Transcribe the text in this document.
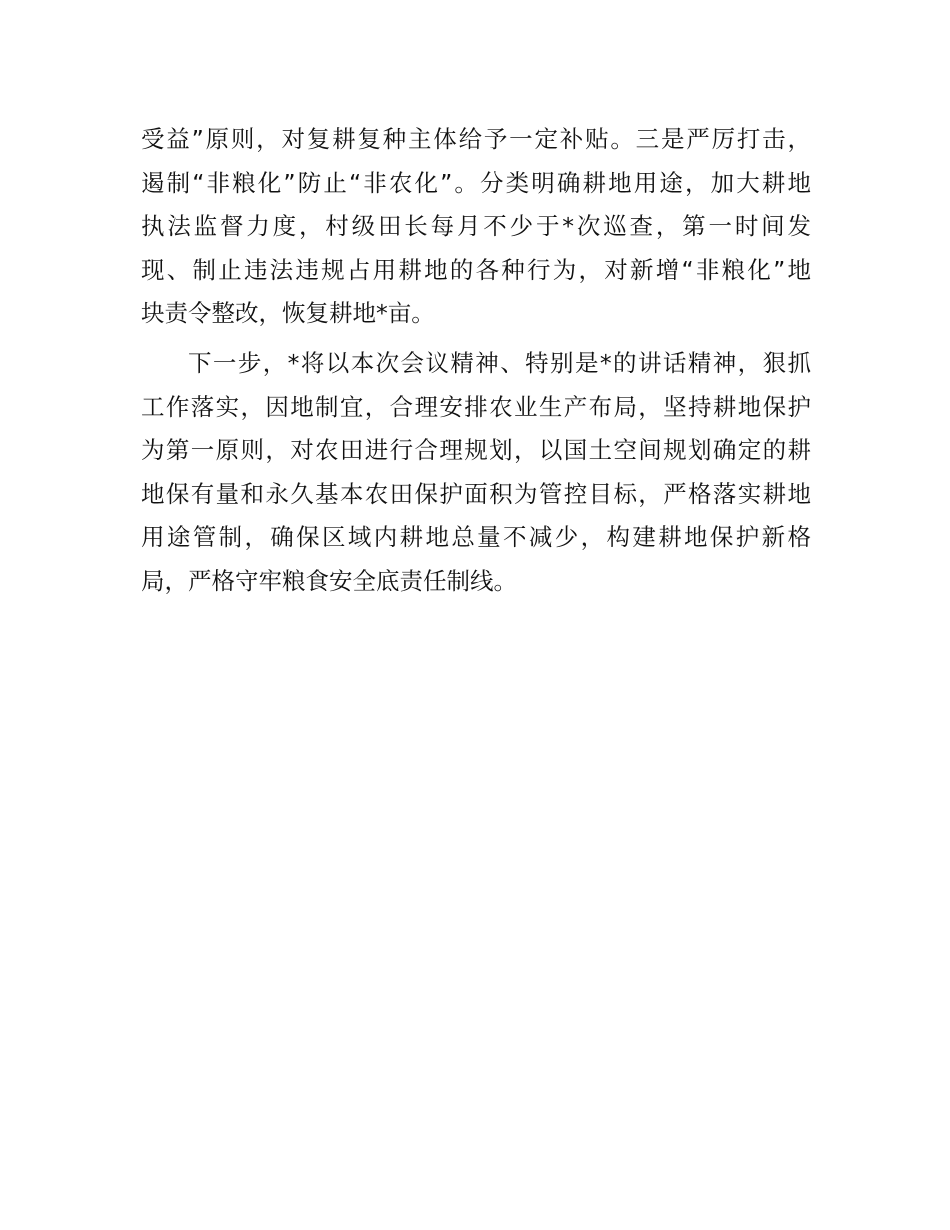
受益”原则，对复耕复种主体给予一定补贴。三是严厉打击，
遏制“非粮化”防止“非农化”。分类明确耕地用途，加大耕地
执法监督力度，村级田长每月不少于*次巡查，第一时间发
现、制止违法违规占用耕地的各种行为，对新增“非粮化”地
块责令整改，恢复耕地*亩。
下一步，*将以本次会议精神、特别是*的讲话精神，狠抓
工作落实，因地制宜，合理安排农业生产布局，坚持耕地保护
为第一原则，对农田进行合理规划，以国土空间规划确定的耕
地保有量和永久基本农田保护面积为管控目标，严格落实耕地
用途管制，确保区域内耕地总量不减少，构建耕地保护新格
局，严格守牢粮食安全底责任制线。
